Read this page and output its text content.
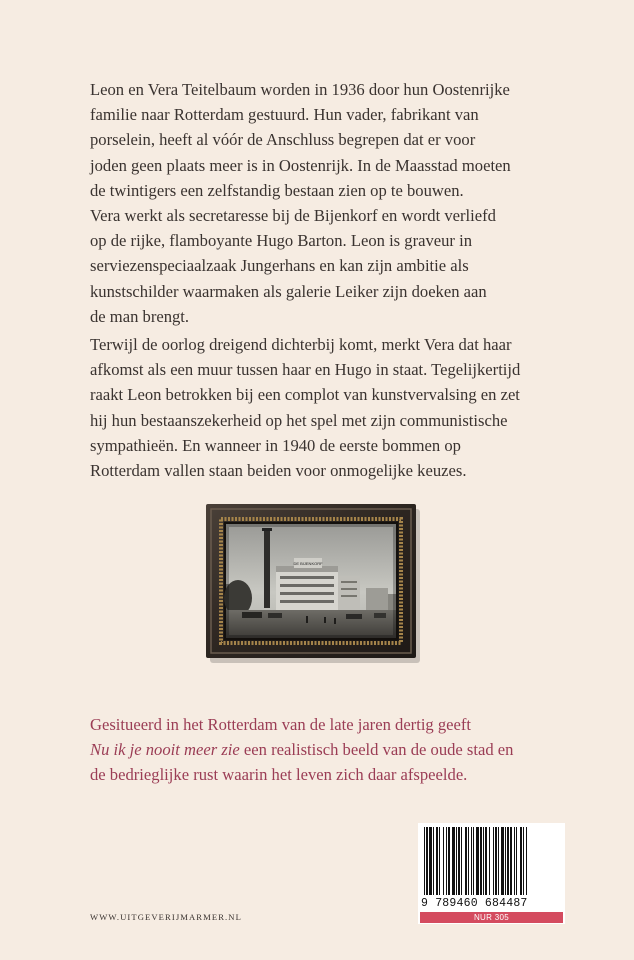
Leon en Vera Teitelbaum worden in 1936 door hun Oostenrijke
familie naar Rotterdam gestuurd. Hun vader, fabrikant van
porselein, heeft al vóór de Anschluss begrepen dat er voor
joden geen plaats meer is in Oostenrijk. In de Maasstad moeten
de twintigers een zelfstandig bestaan zien op te bouwen.
Vera werkt als secretaresse bij de Bijenkorf en wordt verliefd
op de rijke, flamboyante Hugo Barton. Leon is graveur in
serviezenspeciaalzaak Jungerhans en kan zijn ambitie als
kunstschilder waarmaken als galerie Leiker zijn doeken aan
de man brengt.
Terwijl de oorlog dreigend dichterbij komt, merkt Vera dat haar
afkomst als een muur tussen haar en Hugo in staat. Tegelijkertijd
raakt Leon betrokken bij een complot van kunstvervalsing en zet
hij hun bestaanszekerheid op het spel met zijn communistische
sympathieën. En wanneer in 1940 de eerste bommen op
Rotterdam vallen staan beiden voor onmogelijke keuzes.
DE BIJENKORF

Gesitueerd in het Rotterdam van de late jaren dertig geeft
Nu ik je nooit meer zie een realistisch beeld van de oude stad en
de bedrieglijke rust waarin het leven zich daar afspeelde.

WWW.UITGEVERIJMARMER.NL
9 789460 684487
NUR 305
